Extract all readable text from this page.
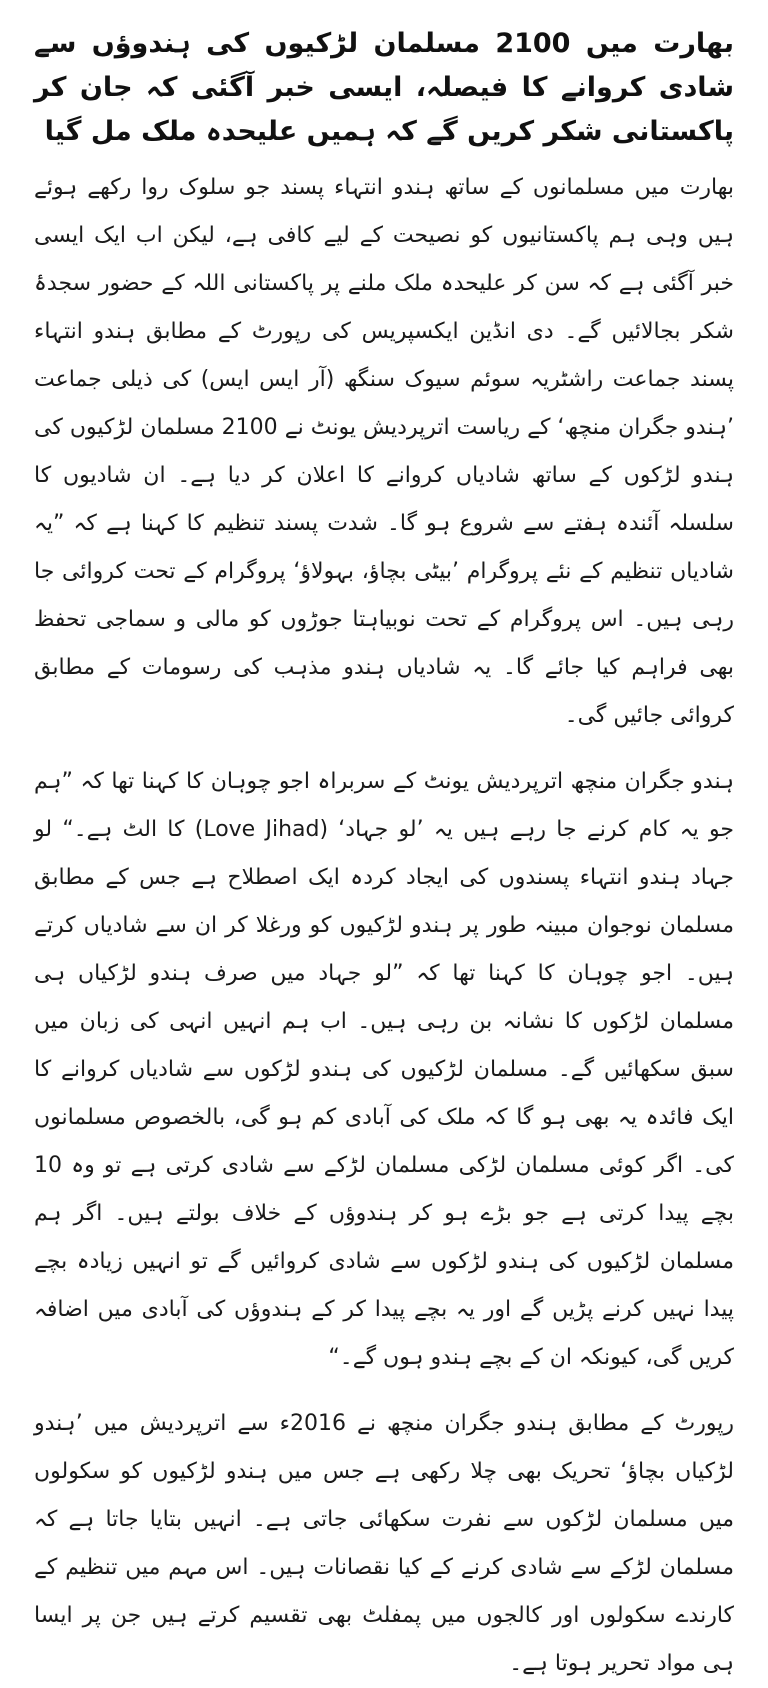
بھارت میں 2100 مسلمان لڑکیوں کی ہندوؤں سے شادی کروانے کا فیصلہ، ایسی خبر آگئی کہ جان کر پاکستانی شکر کریں گے کہ ہمیں علیحدہ ملک مل گیا

بھارت میں مسلمانوں کے ساتھ ہندو انتہاء پسند جو سلوک روا رکھے ہوئے ہیں وہی ہم پاکستانیوں کو نصیحت کے لیے کافی ہے، لیکن اب ایک ایسی خبر آگئی ہے کہ سن کر علیحدہ ملک ملنے پر پاکستانی اللہ کے حضور سجدۂ شکر بجالائیں گے۔ دی انڈین ایکسپریس کی رپورٹ کے مطابق ہندو انتہاء پسند جماعت راشٹریہ سوئم سیوک سنگھ (آر ایس ایس) کی ذیلی جماعت ’ہندو جگران منچھ‘ کے ریاست اترپردیش یونٹ نے 2100 مسلمان لڑکیوں کی ہندو لڑکوں کے ساتھ شادیاں کروانے کا اعلان کر دیا ہے۔ ان شادیوں کا سلسلہ آئندہ ہفتے سے شروع ہو گا۔ شدت پسند تنظیم کا کہنا ہے کہ ”یہ شادیاں تنظیم کے نئے پروگرام ’بیٹی بچاؤ، بہولاؤ‘ پروگرام کے تحت کروائی جا رہی ہیں۔ اس پروگرام کے تحت نوبیاہتا جوڑوں کو مالی و سماجی تحفظ بھی فراہم کیا جائے گا۔ یہ شادیاں ہندو مذہب کی رسومات کے مطابق کروائی جائیں گی۔

ہندو جگران منچھ اترپردیش یونٹ کے سربراہ اجو چوہان کا کہنا تھا کہ ”ہم جو یہ کام کرنے جا رہے ہیں یہ ’لو جہاد‘ (Love Jihad) کا الٹ ہے۔“ لو جہاد ہندو انتہاء پسندوں کی ایجاد کردہ ایک اصطلاح ہے جس کے مطابق مسلمان نوجوان مبینہ طور پر ہندو لڑکیوں کو ورغلا کر ان سے شادیاں کرتے ہیں۔ اجو چوہان کا کہنا تھا کہ ”لو جہاد میں صرف ہندو لڑکیاں ہی مسلمان لڑکوں کا نشانہ بن رہی ہیں۔ اب ہم انہیں انہی کی زبان میں سبق سکھائیں گے۔ مسلمان لڑکیوں کی ہندو لڑکوں سے شادیاں کروانے کا ایک فائدہ یہ بھی ہو گا کہ ملک کی آبادی کم ہو گی، بالخصوص مسلمانوں کی۔ اگر کوئی مسلمان لڑکی مسلمان لڑکے سے شادی کرتی ہے تو وہ 10 بچے پیدا کرتی ہے جو بڑے ہو کر ہندوؤں کے خلاف بولتے ہیں۔ اگر ہم مسلمان لڑکیوں کی ہندو لڑکوں سے شادی کروائیں گے تو انہیں زیادہ بچے پیدا نہیں کرنے پڑیں گے اور یہ بچے پیدا کر کے ہندوؤں کی آبادی میں اضافہ کریں گی، کیونکہ ان کے بچے ہندو ہوں گے۔“

رپورٹ کے مطابق ہندو جگران منچھ نے 2016ء سے اترپردیش میں ’ہندو لڑکیاں بچاؤ‘ تحریک بھی چلا رکھی ہے جس میں ہندو لڑکیوں کو سکولوں میں مسلمان لڑکوں سے نفرت سکھائی جاتی ہے۔ انہیں بتایا جاتا ہے کہ مسلمان لڑکے سے شادی کرنے کے کیا نقصانات ہیں۔ اس مہم میں تنظیم کے کارندے سکولوں اور کالجوں میں پمفلٹ بھی تقسیم کرتے ہیں جن پر ایسا ہی مواد تحریر ہوتا ہے۔
